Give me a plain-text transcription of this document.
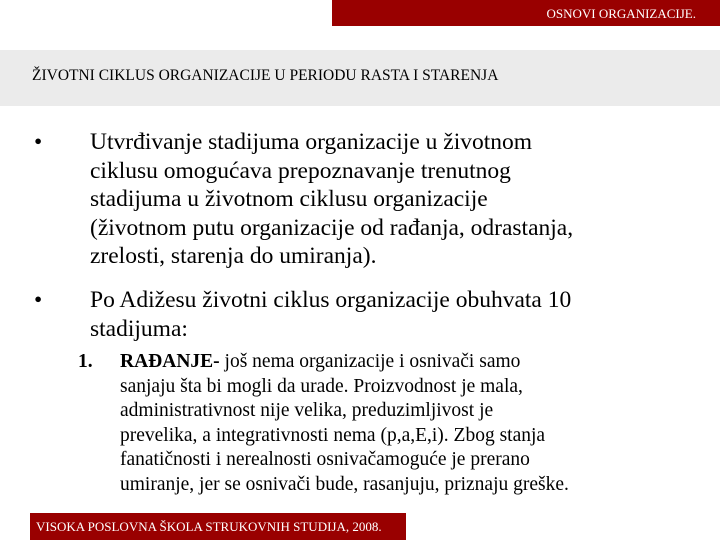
OSNOVI ORGANIZACIJE.
ŽIVOTNI CIKLUS ORGANIZACIJE U PERIODU RASTA I STARENJA
• Utvrđivanje stadijuma organizacije u životnom
ciklusu omogućava prepoznavanje trenutnog
stadijuma u životnom ciklusu organizacije
(životnom putu organizacije od rađanja, odrastanja,
zrelosti, starenja do umiranja).
• Po Adižesu životni ciklus organizacije obuhvata 10
stadijuma:
1. RAĐANJE- još nema organizacije i osnivači samo
sanjaju šta bi mogli da urade. Proizvodnost je mala,
administrativnost nije velika, preduzimljivost je
prevelika, a integrativnosti nema (p,a,E,i). Zbog stanja
fanatičnosti i nerealnosti osnivačamoguće je prerano
umiranje, jer se osnivači bude, rasanjuju, priznaju greške.
VISOKA POSLOVNA ŠKOLA STRUKOVNIH STUDIJA, 2008.
